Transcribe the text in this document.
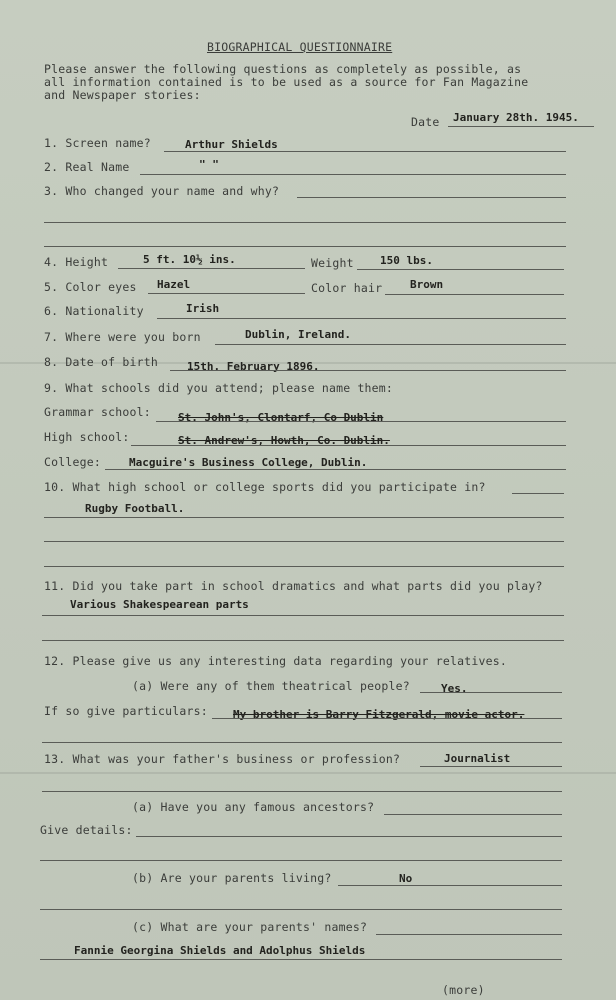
BIOGRAPHICAL QUESTIONNAIRE
Please answer the following questions as completely as possible, as
all information contained is to be used as a source for Fan Magazine
and Newspaper stories:
Date January 28th. 1945.
1. Screen name?	Arthur Shields
2. Real Name	" "
3. Who changed your name and why?
4. Height	5 ft. 10½ ins.	Weight 150 lbs.
5. Color eyes Hazel	Color hair	Brown
6. Nationality	Irish
7. Where were you born	Dublin, Ireland.
8. Date of birth	15th. February 1896.
9. What schools did you attend; please name them:
Grammar school: St. John's, Clontarf, Co Dublin
High school:	St. Andrew's, Howth, Co. Dublin.
College:	Macguire's Business College, Dublin.
10. What high school or college sports did you participate in?
Rugby Football.
11. Did you take part in school dramatics and what parts did you play?
Various Shakespearean parts
12. Please give us any interesting data regarding your relatives.
(a) Were any of them theatrical people?	Yes.
If so give particulars: My brother is Barry Fitzgerald, movie actor.
13. What was your father's business or profession?	Journalist
(a) Have you any famous ancestors?
Give details:
(b) Are your parents living?	No
(c) What are your parents' names?
Fannie Georgina Shields and Adolphus Shields
(more)
